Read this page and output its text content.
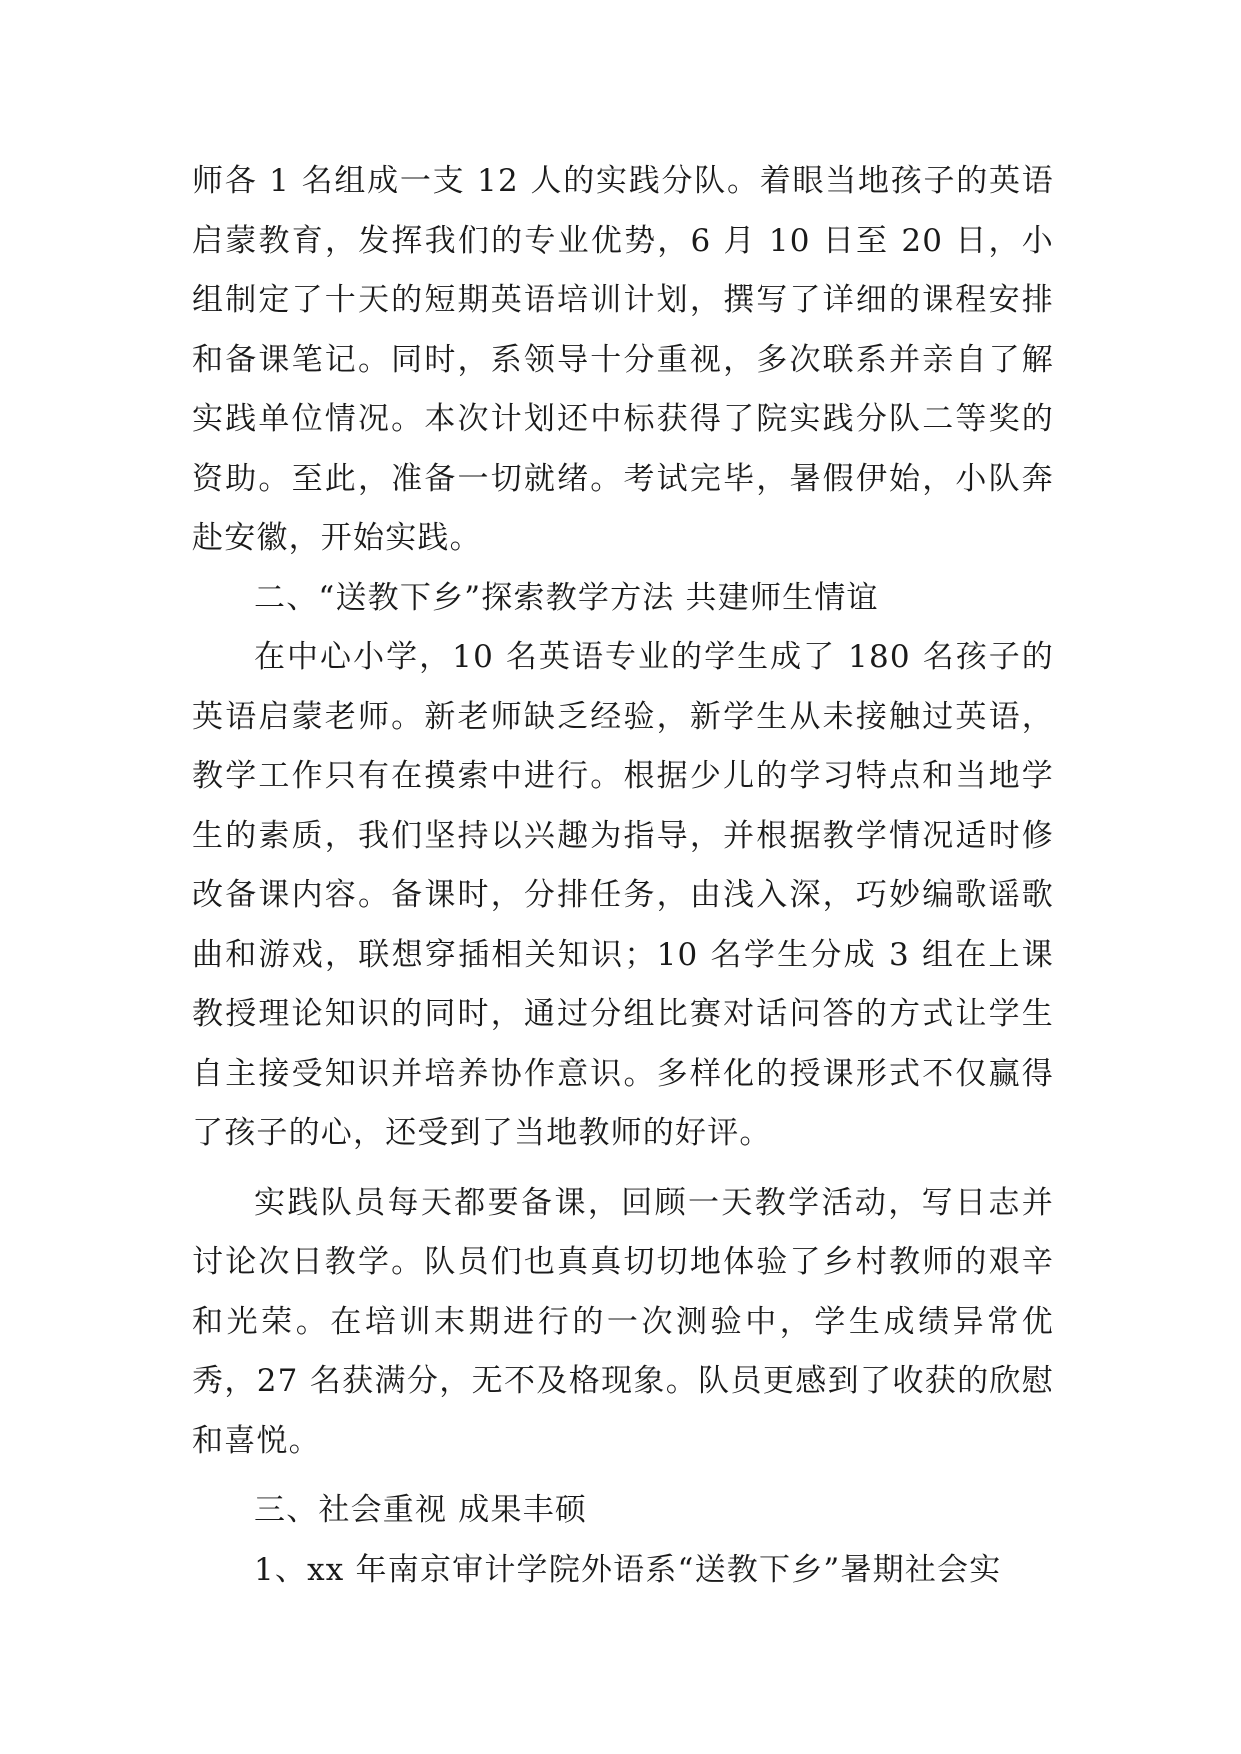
师各 1 名组成一支 12 人的实践分队。着眼当地孩子的英语启蒙教育，发挥我们的专业优势，6 月 10 日至 20 日，小组制定了十天的短期英语培训计划，撰写了详细的课程安排和备课笔记。同时，系领导十分重视，多次联系并亲自了解实践单位情况。本次计划还中标获得了院实践分队二等奖的资助。至此，准备一切就绪。考试完毕，暑假伊始，小队奔赴安徽，开始实践。

二、“送教下乡”探索教学方法 共建师生情谊

在中心小学，10 名英语专业的学生成了 180 名孩子的英语启蒙老师。新老师缺乏经验，新学生从未接触过英语，教学工作只有在摸索中进行。根据少儿的学习特点和当地学生的素质，我们坚持以兴趣为指导，并根据教学情况适时修改备课内容。备课时，分排任务，由浅入深，巧妙编歌谣歌曲和游戏，联想穿插相关知识；10 名学生分成 3 组在上课教授理论知识的同时，通过分组比赛对话问答的方式让学生自主接受知识并培养协作意识。多样化的授课形式不仅赢得了孩子的心，还受到了当地教师的好评。

实践队员每天都要备课，回顾一天教学活动，写日志并讨论次日教学。队员们也真真切切地体验了乡村教师的艰辛和光荣。在培训末期进行的一次测验中，学生成绩异常优秀，27 名获满分，无不及格现象。队员更感到了收获的欣慰和喜悦。

三、社会重视 成果丰硕

1、xx 年南京审计学院外语系“送教下乡”暑期社会实
